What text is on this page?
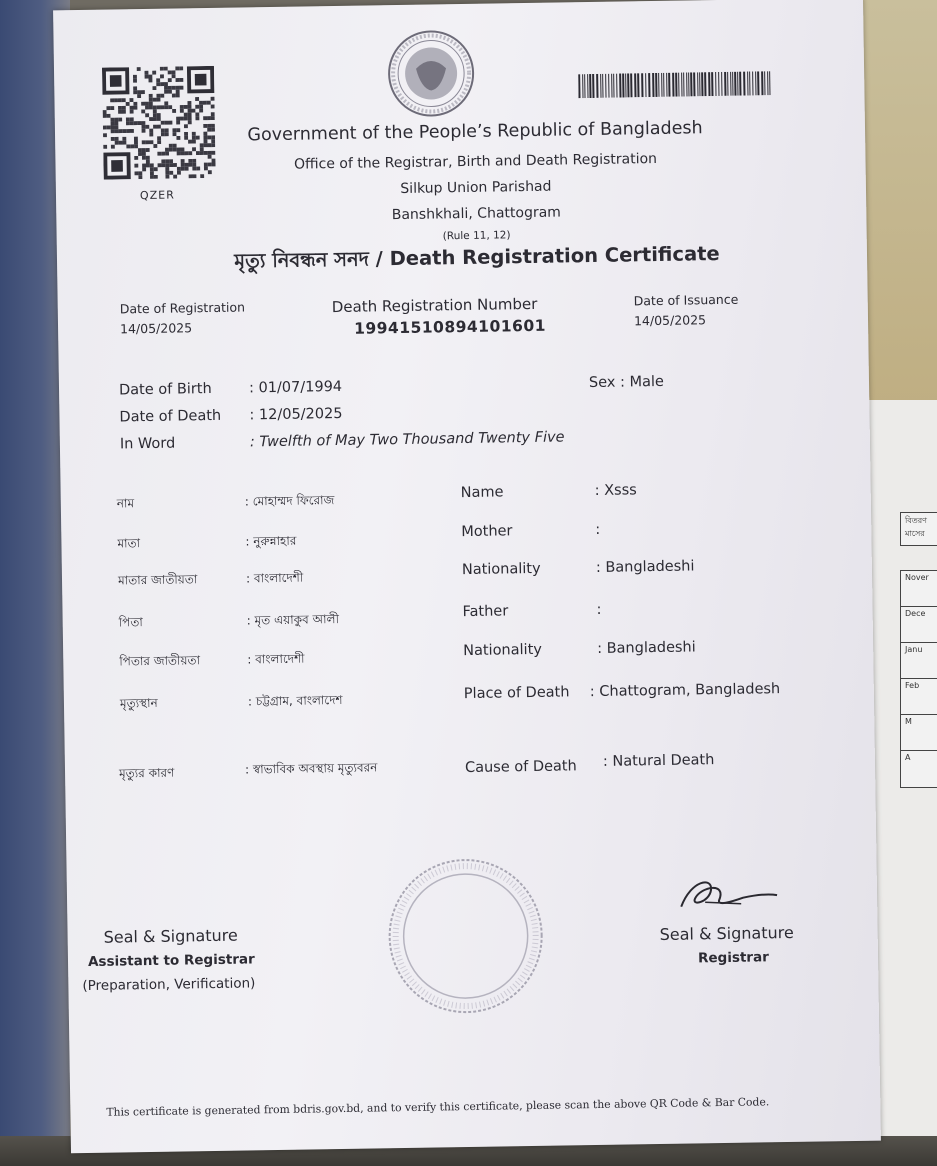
বিতরণ
মাসের
Nover
Dece
Janu
Feb
M
A
QZER
Government of the People’s Republic of Bangladesh
Office of the Registrar, Birth and Death Registration
Silkup Union Parishad
Banshkhali, Chattogram
(Rule 11, 12)
মৃত্যু নিবন্ধন সনদ / Death Registration Certificate
Date of Registration
14/05/2025
Death Registration Number
19941510894101601
Date of Issuance
14/05/2025
Date of Birth	: 01/07/1994	Sex : Male
Date of Death : 12/05/2025
In Word	: Twelfth of May Two Thousand Twenty Five
নাম	: মোহাম্মদ ফিরোজ
মাতা	: নুরুন্নাহার
মাতার জাতীয়তা	: বাংলাদেশী
পিতা	: মৃত এয়াকুব আলী
পিতার জাতীয়তা	: বাংলাদেশী
মৃত্যুস্থান	: চট্টগ্রাম, বাংলাদেশ
মৃত্যুর কারণ	: স্বাভাবিক অবস্থায় মৃত্যুবরন
Name	: Xsss
Mother	:
Nationality	: Bangladeshi
Father	:
Nationality	: Bangladeshi
Place of Death : Chattogram, Bangladesh
Cause of Death : Natural Death
Seal & Signature
Assistant to Registrar
(Preparation, Verification)
Seal & Signature
Registrar
This certificate is generated from bdris.gov.bd, and to verify this certificate, please scan the above QR Code & Bar Code.
